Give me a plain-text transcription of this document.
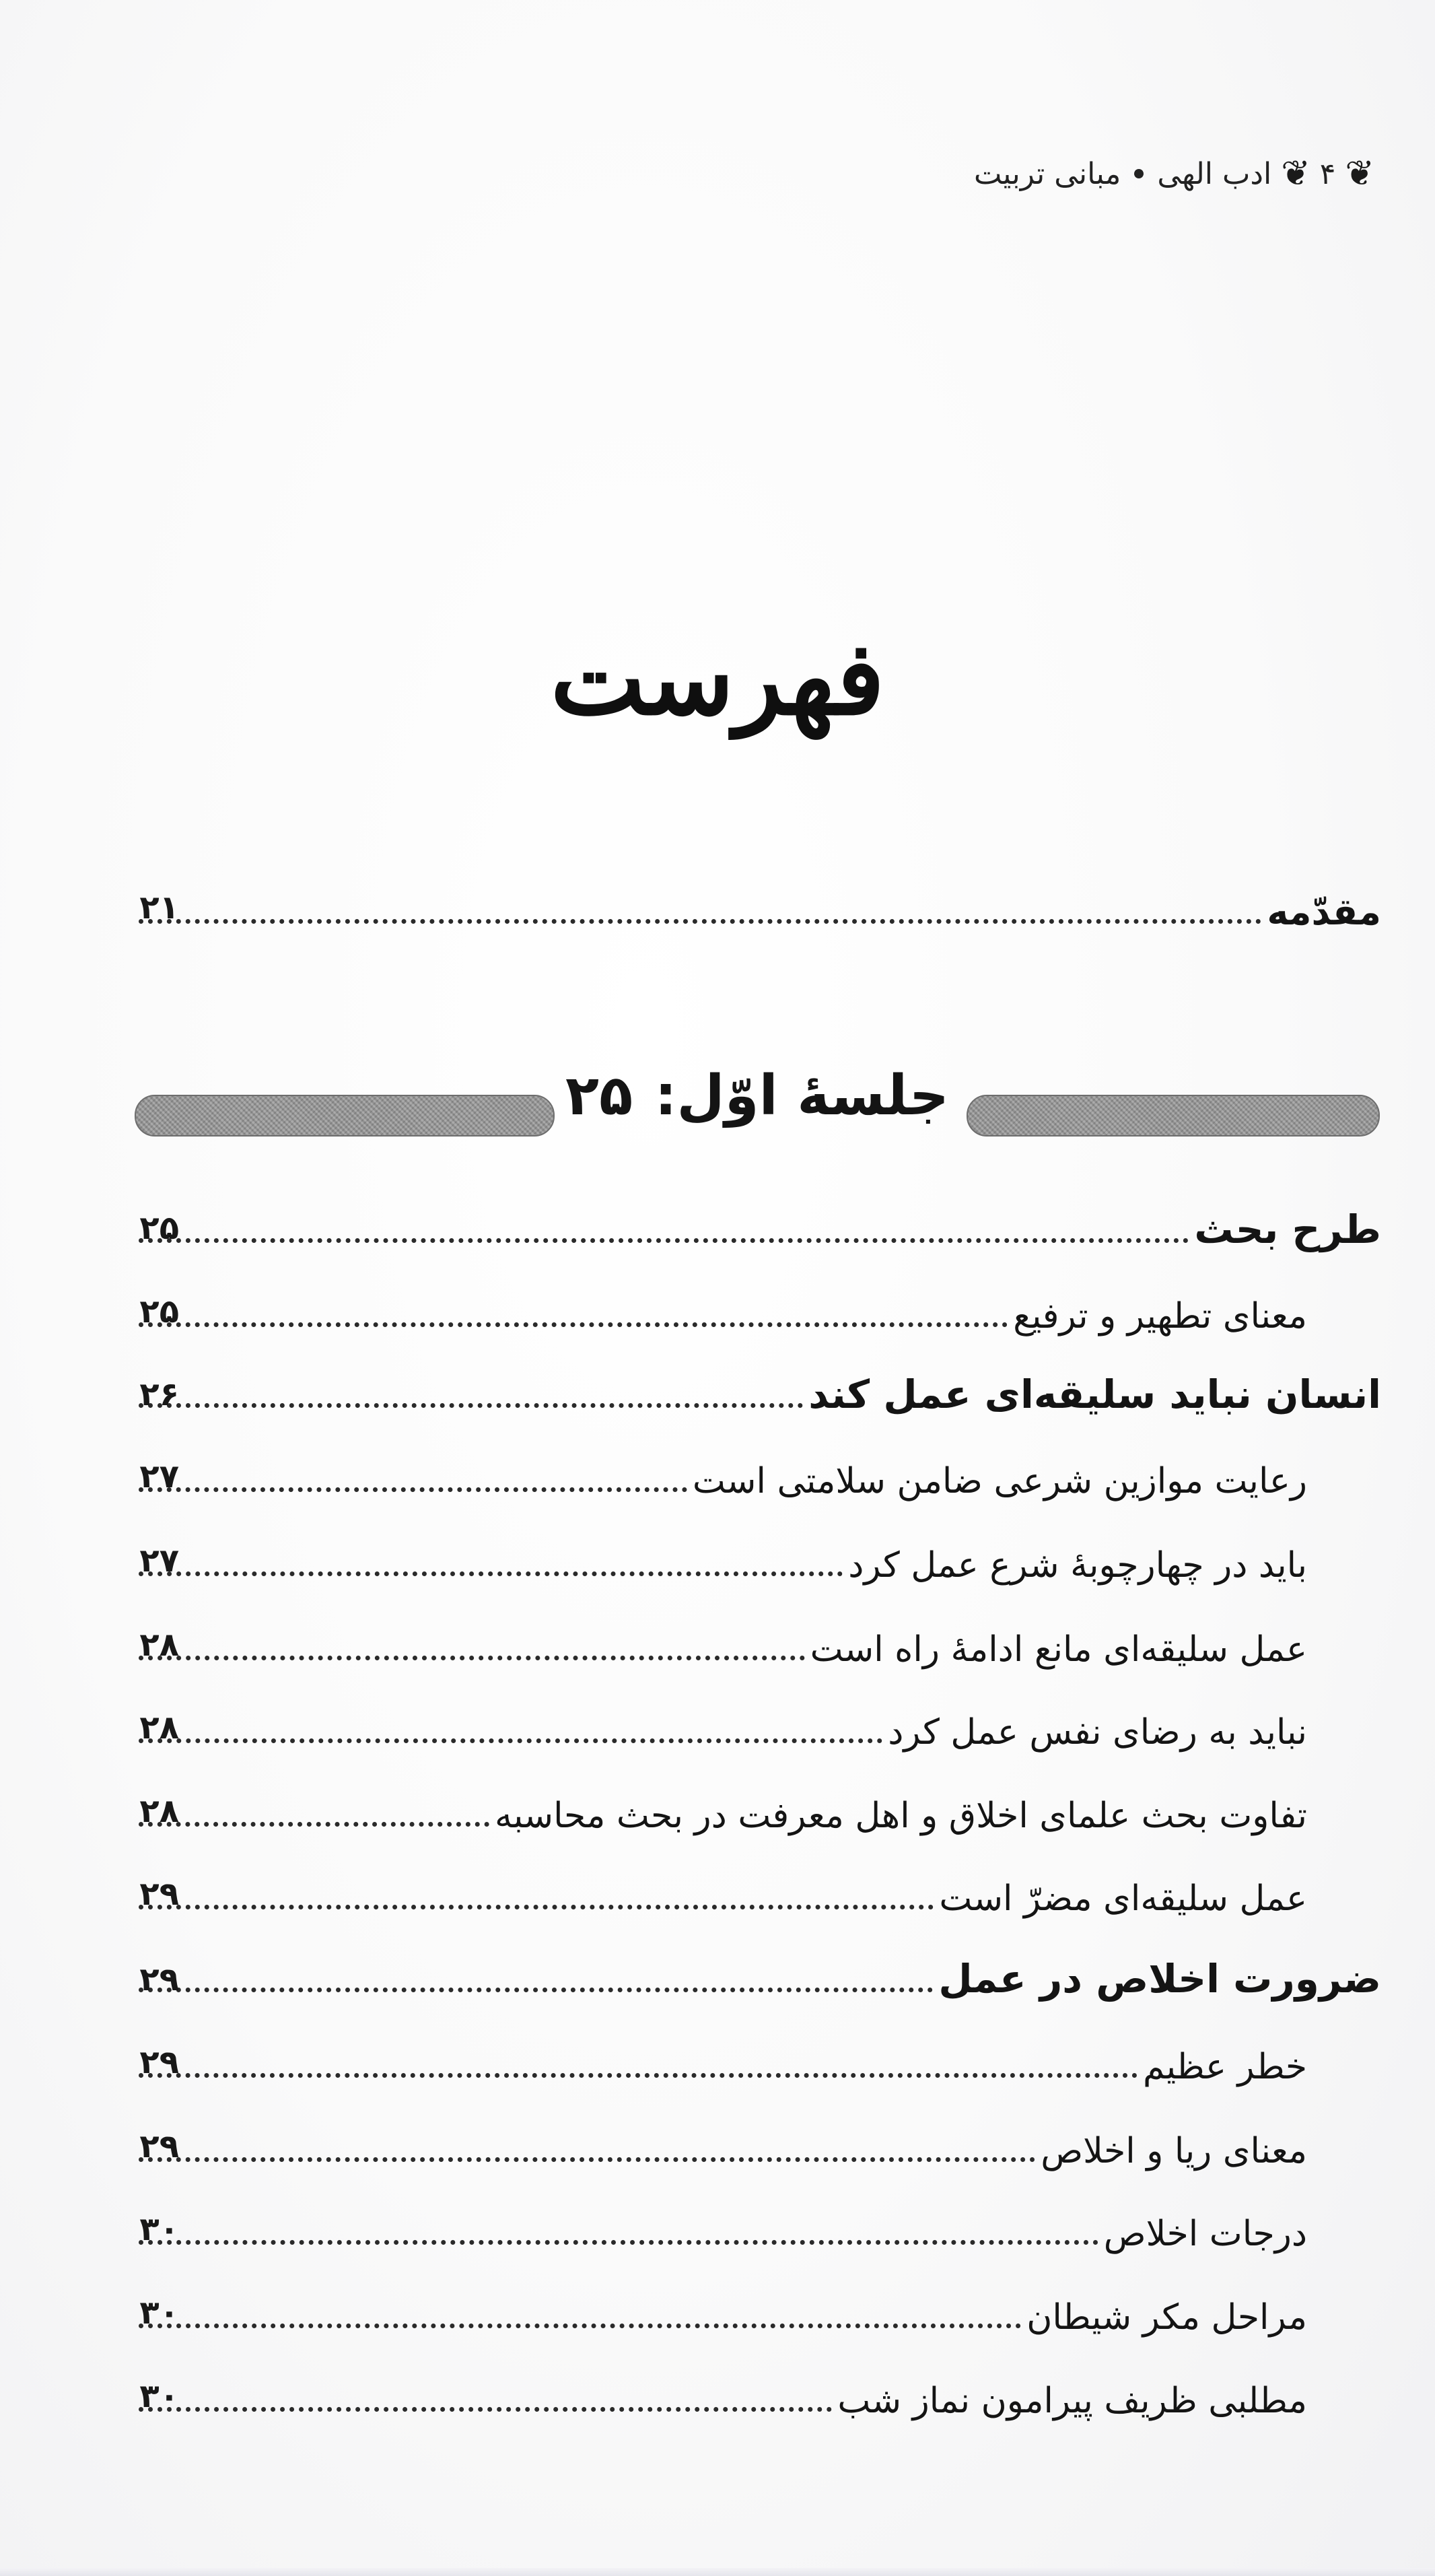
❦
۴
❦
ادب الهی
مبانی تربیت
فهرست
مقدّمه
۲۱
جلسهٔ اوّل: ۲۵
طرح بحث
۲۵
معنای تطهیر و ترفیع
۲۵
انسان نباید سلیقه‌ای عمل کند
۲۶
رعایت موازین شرعی ضامن سلامتی است
۲۷
باید در چهارچوبهٔ شرع عمل کرد
۲۷
عمل سلیقه‌ای مانع ادامهٔ راه است
۲۸
نباید به رضای نفس عمل کرد
۲۸
تفاوت بحث علمای اخلاق و اهل معرفت در بحث محاسبه
۲۸
عمل سلیقه‌ای مضرّ است
۲۹
ضرورت اخلاص در عمل
۲۹
خطر عظیم
۲۹
معنای ریا و اخلاص
۲۹
درجات اخلاص
۳۰
مراحل مکر شیطان
۳۰
مطلبی ظریف پیرامون نماز شب
۳۰
